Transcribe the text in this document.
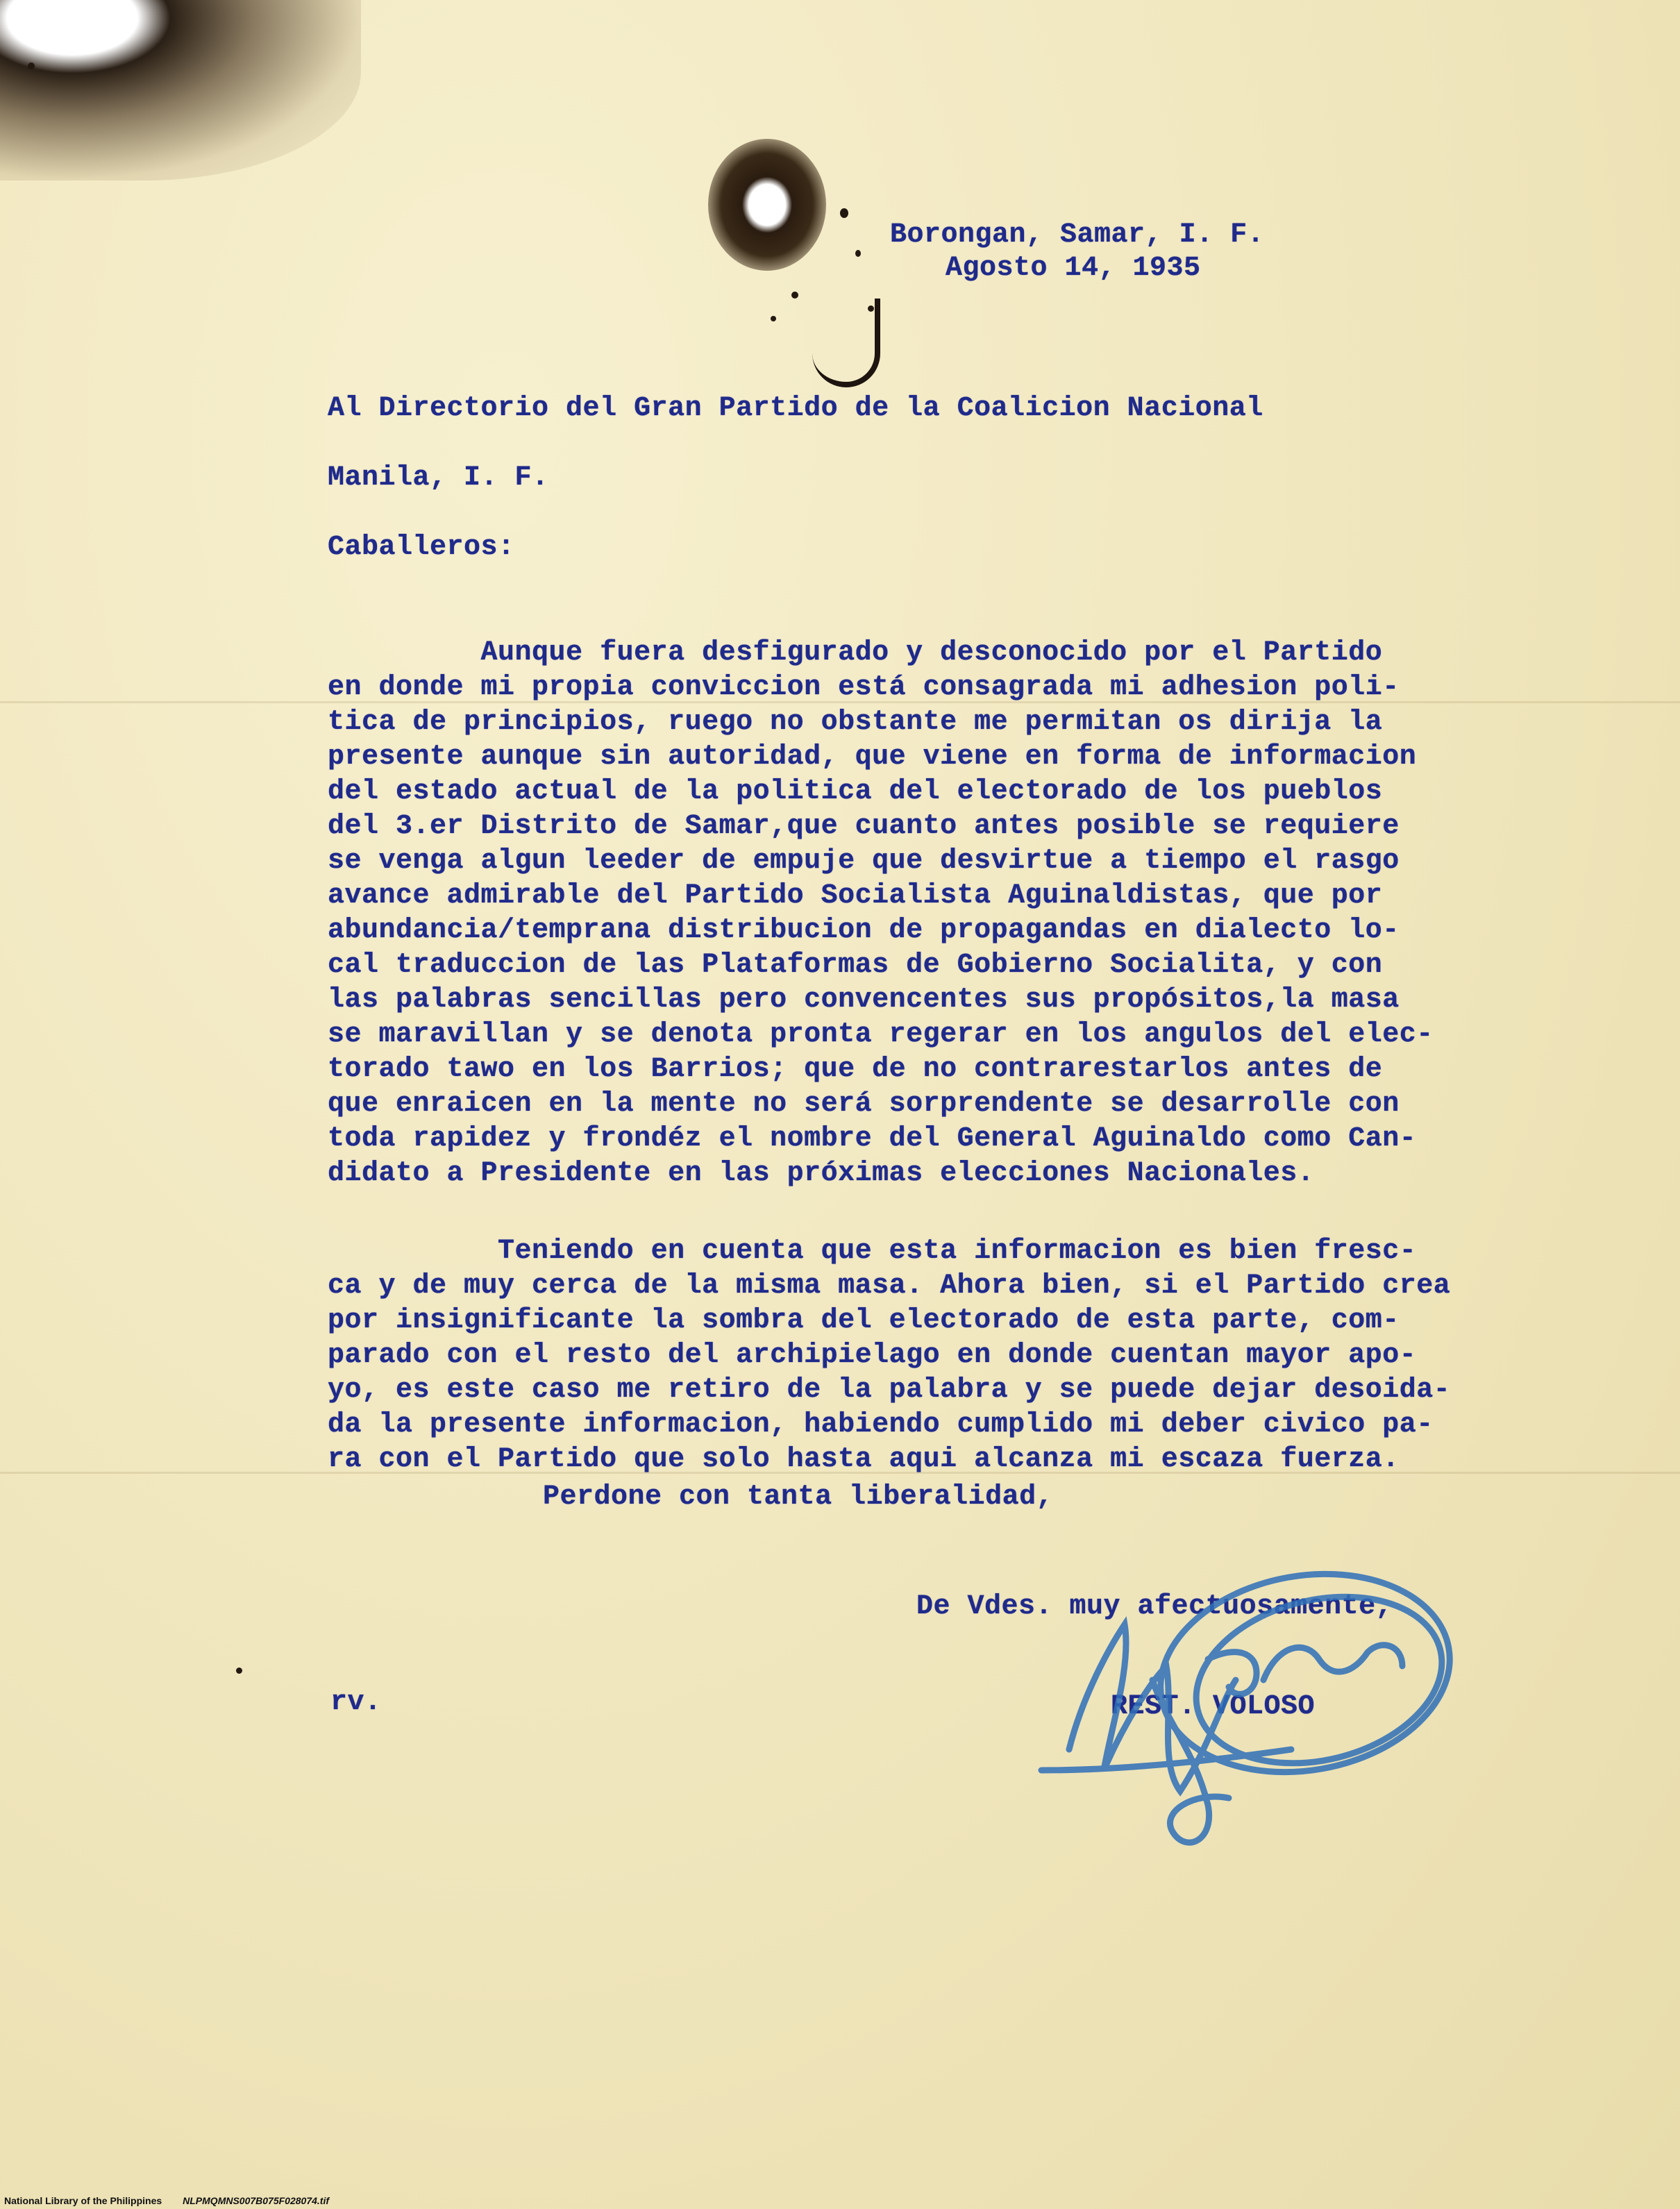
Borongan, Samar, I. F.
Agosto 14, 1935
Al Directorio del Gran Partido de la Coalicion Nacional
Manila, I. F.
Caballeros:

Aunque fuera desfigurado y desconocido por el Partido
en donde mi propia conviccion está consagrada mi adhesion poli-
tica de principios, ruego no obstante me permitan os dirija la
presente aunque sin autoridad, que viene en forma de informacion
del estado actual de la politica del electorado de los pueblos
del 3.er Distrito de Samar,que cuanto antes posible se requiere
se venga algun leeder de empuje que desvirtue a tiempo el rasgo
avance admirable del Partido Socialista Aguinaldistas, que por
abundancia/temprana distribucion de propagandas en dialecto lo-
cal traduccion de las Plataformas de Gobierno Socialita, y con
las palabras sencillas pero convencentes sus propósitos,la masa
se maravillan y se denota pronta regerar en los angulos del elec-
torado tawo en los Barrios; que de no contrarestarlos antes de
que enraicen en la mente no será sorprendente se desarrolle con
toda rapidez y frondéz el nombre del General Aguinaldo como Can-
didato a Presidente en las próximas elecciones Nacionales.

Teniendo en cuenta que esta informacion es bien fresc-
ca y de muy cerca de la misma masa. Ahora bien, si el Partido crea
por insignificante la sombra del electorado de esta parte, com-
parado con el resto del archipielago en donde cuentan mayor apo-
yo, es este caso me retiro de la palabra y se puede dejar desoida-
da la presente informacion, habiendo cumplido mi deber civico pa-
ra con el Partido que solo hasta aqui alcanza mi escaza fuerza.
Perdone con tanta liberalidad,
De Vdes. muy afectuosamente,
rv.	REST. VOLOSO
National Library of the Philippines NLPMQMNS007B075F028074.tif
